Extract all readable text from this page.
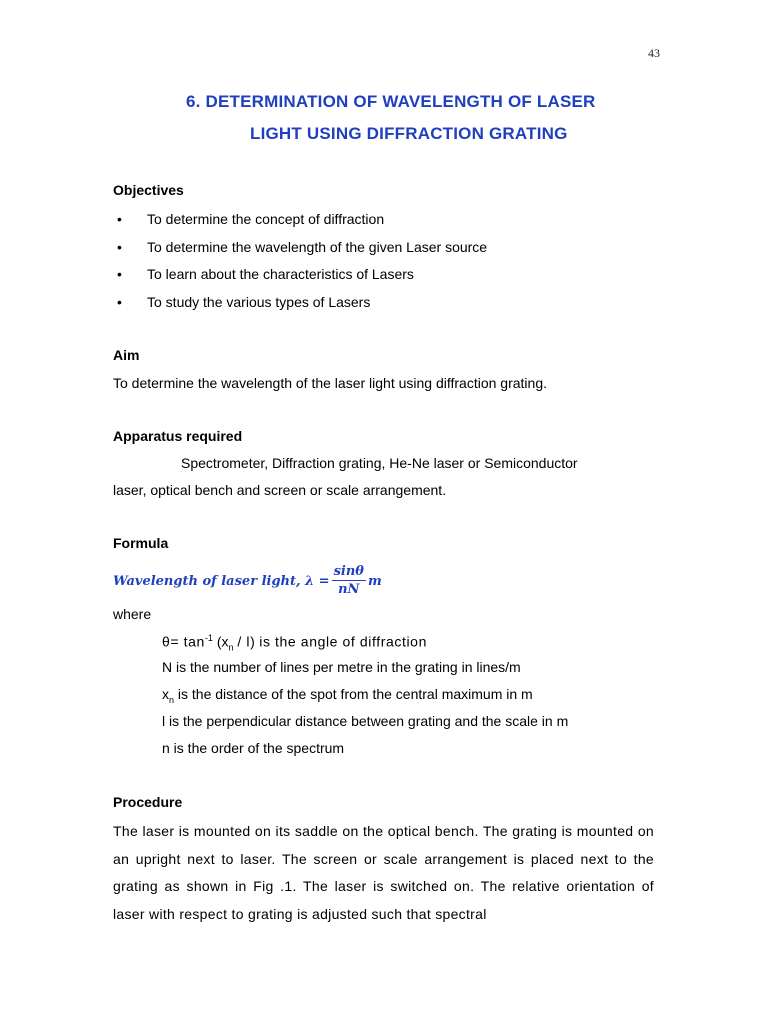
43
6. DETERMINATION OF WAVELENGTH OF LASER
LIGHT USING DIFFRACTION GRATING
Objectives
• To determine the concept of diffraction
• To determine the wavelength of the given Laser source
• To learn about the characteristics of Lasers
• To study the various types of Lasers
Aim
To determine the wavelength of the laser light using diffraction grating.
Apparatus required
Spectrometer, Diffraction grating, He-Ne laser or Semiconductor
laser, optical bench and screen or scale arrangement.
Formula
Wavelength of laser light, $\lambda = \frac{\sin\theta}{nN}$ m
where
$\theta= \tan^{-1} (x_n / l)$ is the angle of diffraction
N is the number of lines per metre in the grating in lines/m
$x_n$ is the distance of the spot from the central maximum in m
l is the perpendicular distance between grating and the scale in m
n is the order of the spectrum
Procedure
The laser is mounted on its saddle on the optical bench. The grating is mounted on an upright next to laser. The screen or scale arrangement is placed next to the grating as shown in Fig .1. The laser is switched on. The relative orientation of laser with respect to grating is adjusted such that spectral
